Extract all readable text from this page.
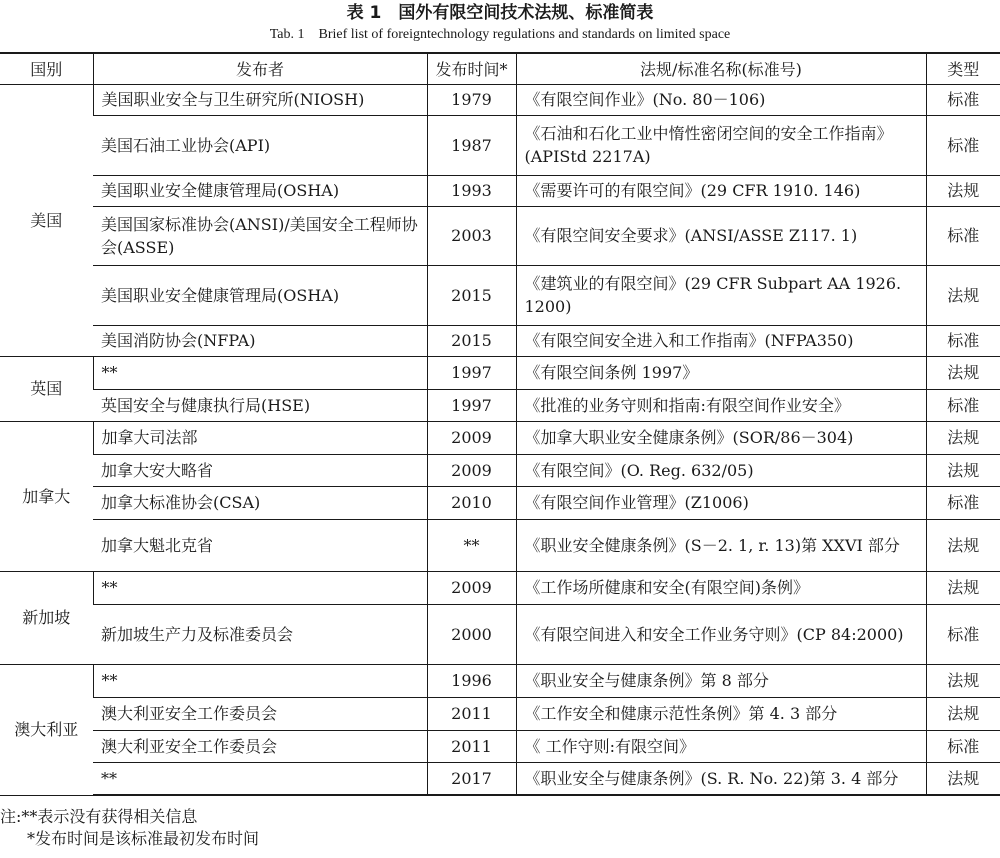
表 1　国外有限空间技术法规、标准简表
Tab. 1　Brief list of foreigntechnology regulations and standards on limited space
国别	发布者	发布时间*	法规/标准名称(标准号)	类型
美国	美国职业安全与卫生研究所(NIOSH)	1979	《有限空间作业》(No. 80－106)	标准
	美国石油工业协会(API)	1987	《石油和石化工业中惰性密闭空间的安全工作指南》(APIStd 2217A)	标准
	美国职业安全健康管理局(OSHA)	1993	《需要许可的有限空间》(29 CFR 1910. 146)	法规
	美国国家标准协会(ANSI)/美国安全工程师协会(ASSE)	2003	《有限空间安全要求》(ANSI/ASSE Z117. 1)	标准
	美国职业安全健康管理局(OSHA)	2015	《建筑业的有限空间》(29 CFR Subpart AA 1926. 1200)	法规
	美国消防协会(NFPA)	2015	《有限空间安全进入和工作指南》(NFPA350)	标准
英国	**	1997	《有限空间条例 1997》	法规
	英国安全与健康执行局(HSE)	1997	《批准的业务守则和指南:有限空间作业安全》	标准
加拿大	加拿大司法部	2009	《加拿大职业安全健康条例》(SOR/86－304)	法规
	加拿大安大略省	2009	《有限空间》(O. Reg. 632/05)	法规
	加拿大标准协会(CSA)	2010	《有限空间作业管理》(Z1006)	标准
	加拿大魁北克省	**	《职业安全健康条例》(S－2. 1, r. 13)第 XXVI 部分	法规
新加坡	**	2009	《工作场所健康和安全(有限空间)条例》	法规
	新加坡生产力及标准委员会	2000	《有限空间进入和安全工作业务守则》(CP 84:2000)	标准
澳大利亚	**	1996	《职业安全与健康条例》第 8 部分	法规
	澳大利亚安全工作委员会	2011	《工作安全和健康示范性条例》第 4. 3 部分	法规
	澳大利亚安全工作委员会	2011	《 工作守则:有限空间》	标准
	**	2017	《职业安全与健康条例》(S. R. No. 22)第 3. 4 部分	法规
注:**表示没有获得相关信息
*发布时间是该标准最初发布时间
